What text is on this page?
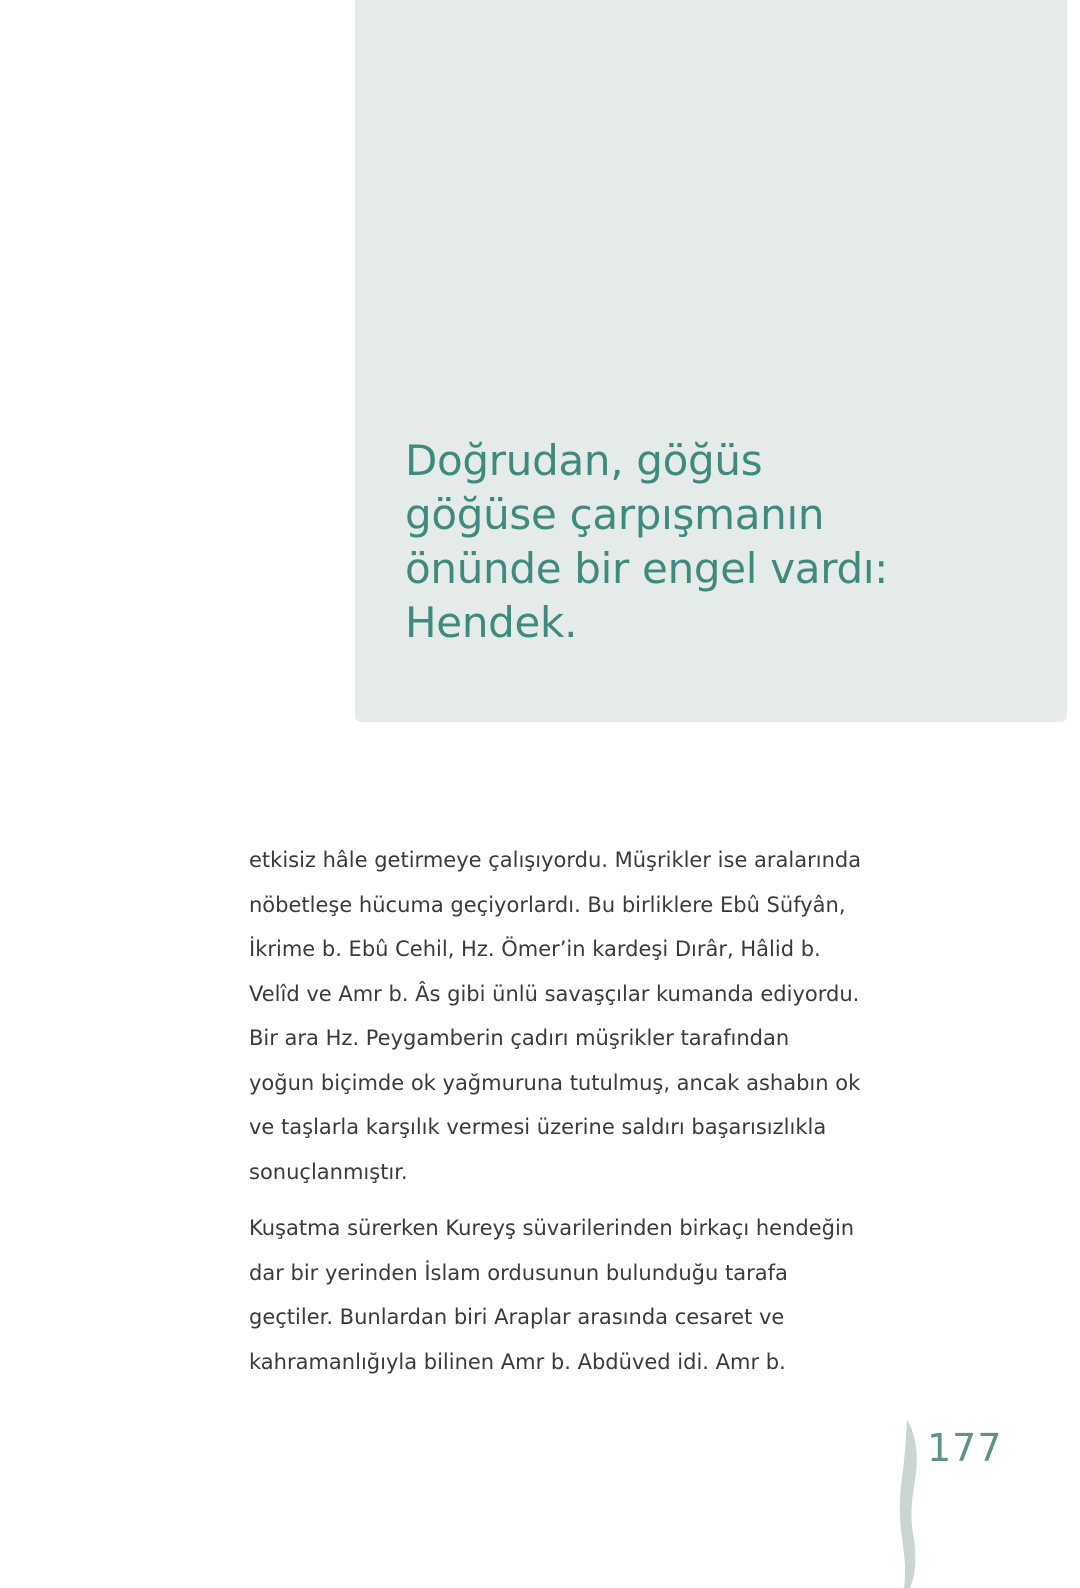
Doğrudan, göğüs
göğüse çarpışmanın
önünde bir engel vardı:
Hendek.

etkisiz hâle getirmeye çalışıyordu. Müşrikler ise aralarında
nöbetleşe hücuma geçiyorlardı. Bu birliklere Ebû Süfyân,
İkrime b. Ebû Cehil, Hz. Ömer’in kardeşi Dırâr, Hâlid b.
Velîd ve Amr b. Âs gibi ünlü savaşçılar kumanda ediyordu.
Bir ara Hz. Peygamberin çadırı müşrikler tarafından
yoğun biçimde ok yağmuruna tutulmuş, ancak ashabın ok
ve taşlarla karşılık vermesi üzerine saldırı başarısızlıkla
sonuçlanmıştır.

Kuşatma sürerken Kureyş süvarilerinden birkaçı hendeğin
dar bir yerinden İslam ordusunun bulunduğu tarafa
geçtiler. Bunlardan biri Araplar arasında cesaret ve
kahramanlığıyla bilinen Amr b. Abdüved idi. Amr b.

177
